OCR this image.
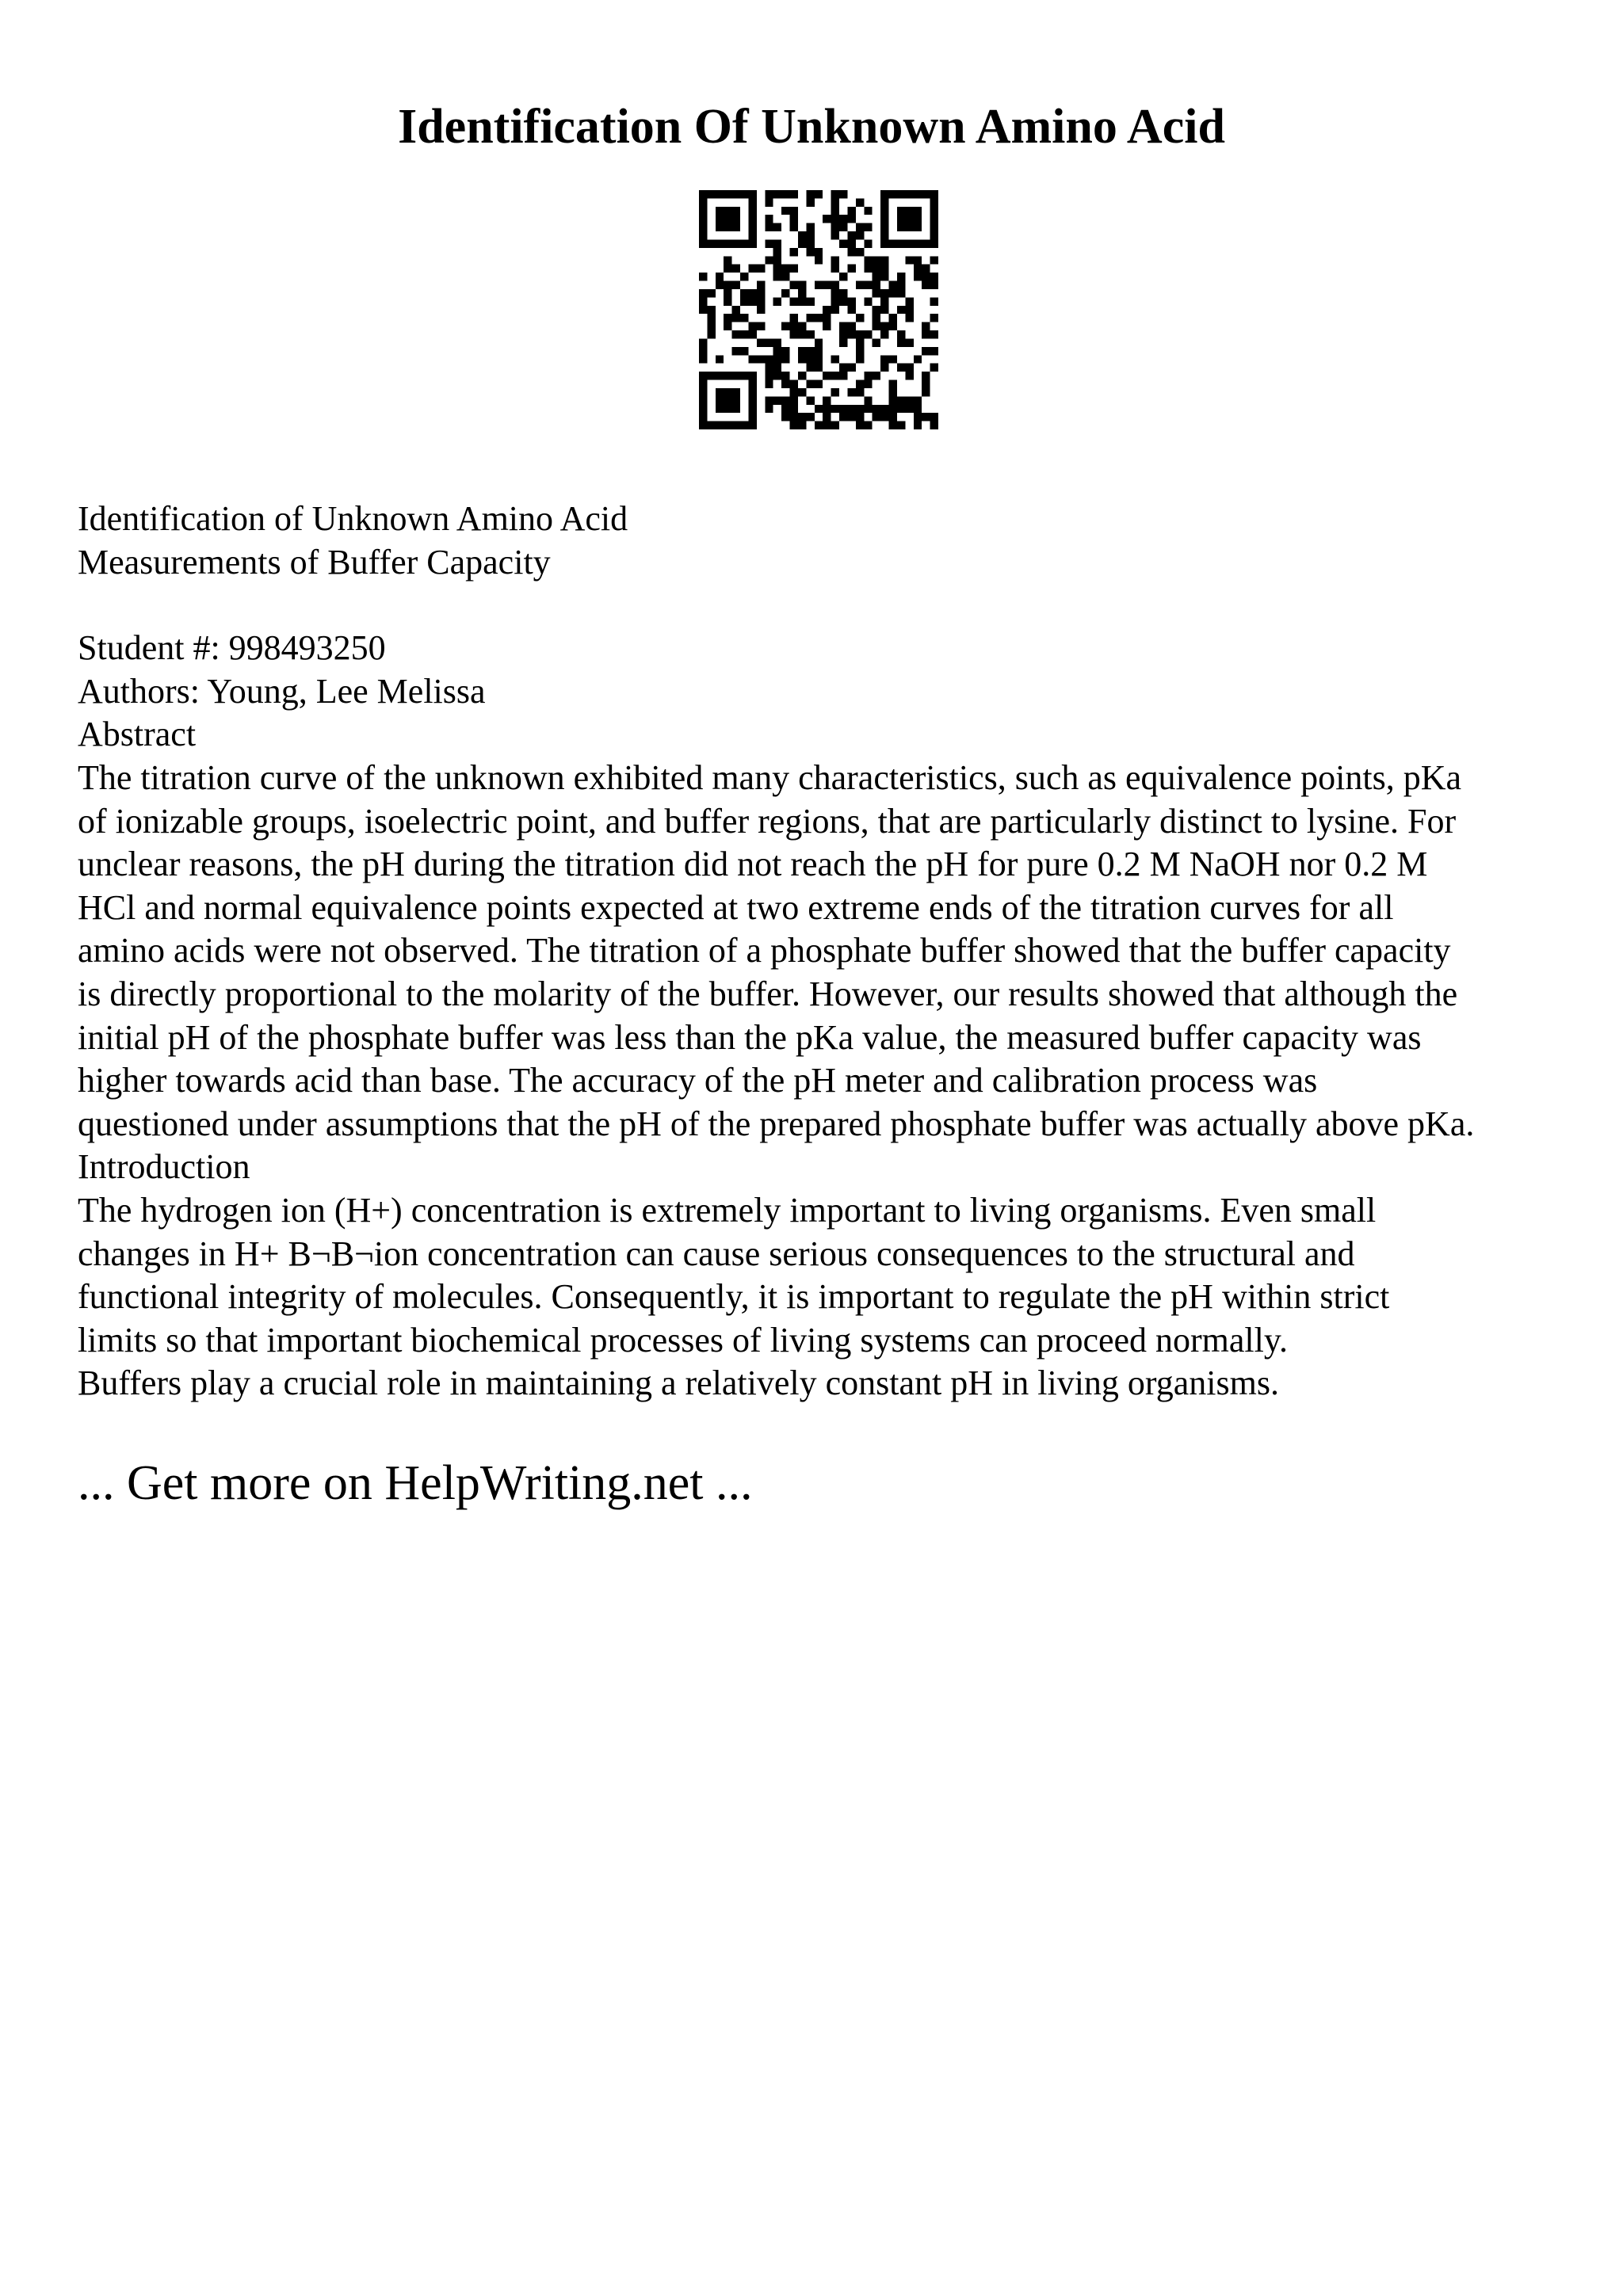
Identification Of Unknown Amino Acid

Identification of Unknown Amino Acid

Measurements of Buffer Capacity

Student #: 998493250

Authors: Young, Lee Melissa

Abstract

The titration curve of the unknown exhibited many characteristics, such as equivalence points, pKa

of ionizable groups, isoelectric point, and buffer regions, that are particularly distinct to lysine. For

unclear reasons, the pH during the titration did not reach the pH for pure 0.2 M NaOH nor 0.2 M

HCl and normal equivalence points expected at two extreme ends of the titration curves for all

amino acids were not observed. The titration of a phosphate buffer showed that the buffer capacity

is directly proportional to the molarity of the buffer. However, our results showed that although the

initial pH of the phosphate buffer was less than the pKa value, the measured buffer capacity was

higher towards acid than base. The accuracy of the pH meter and calibration process was

questioned under assumptions that the pH of the prepared phosphate buffer was actually above pKa.

Introduction

The hydrogen ion (H+) concentration is extremely important to living organisms. Even small

changes in H+ B¬B¬ion concentration can cause serious consequences to the structural and

functional integrity of molecules. Consequently, it is important to regulate the pH within strict

limits so that important biochemical processes of living systems can proceed normally.

Buffers play a crucial role in maintaining a relatively constant pH in living organisms.

... Get more on HelpWriting.net ...
